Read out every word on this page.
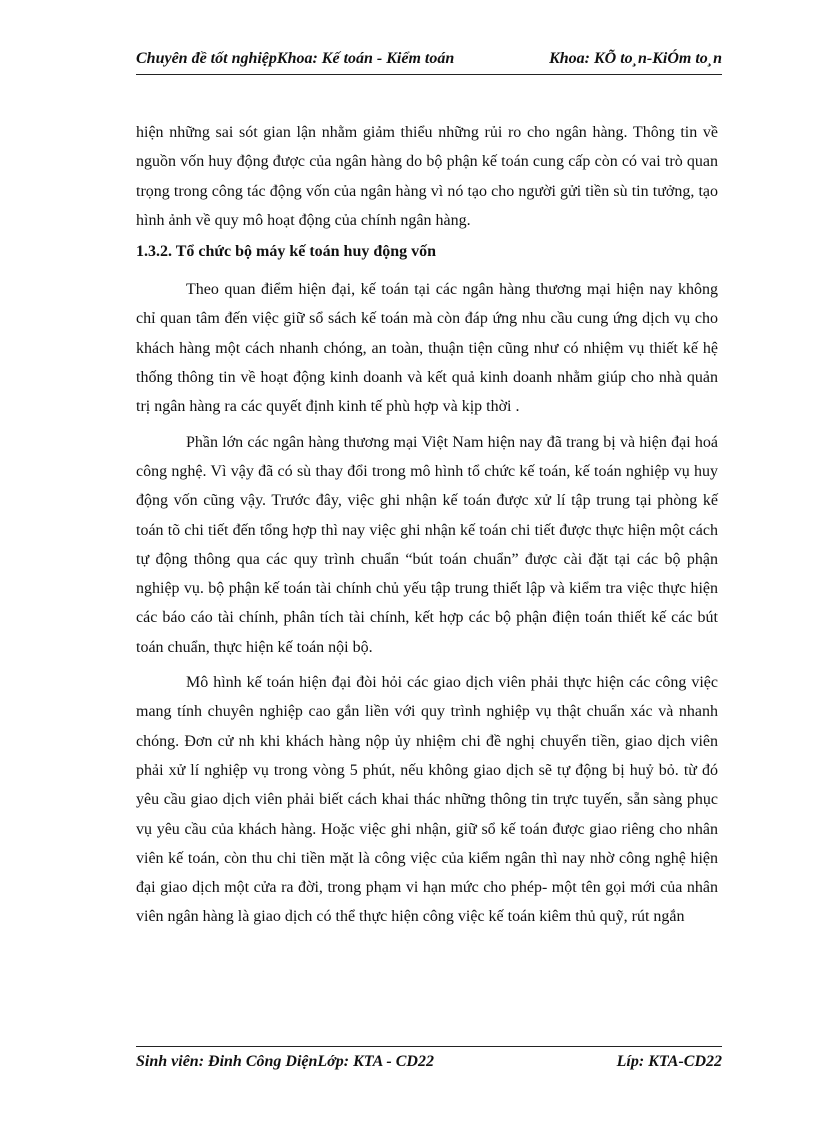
Chuyên đề tốt nghiệpKhoa: Kế toán - Kiểm toán	Khoa: KÕ to¸n-KiÓm to¸n

hiện những sai sót gian lận nhằm giảm thiểu những rủi ro cho ngân hàng. Thông tin về nguồn vốn huy động được của ngân hàng do bộ phận kế toán cung cấp còn có vai trò quan trọng trong công tác động vốn của ngân hàng vì nó tạo cho người gửi tiền sù tin tưởng, tạo hình ảnh về quy mô hoạt động của chính ngân hàng.

1.3.2. Tổ chức bộ máy kế toán huy động vốn

Theo quan điểm hiện đại, kế toán tại các ngân hàng thương mại hiện nay không chỉ quan tâm đến việc giữ sổ sách kế toán mà còn đáp ứng nhu cầu cung ứng dịch vụ cho khách hàng một cách nhanh chóng, an toàn, thuận tiện cũng như có nhiệm vụ thiết kế hệ thống thông tin về hoạt động kinh doanh và kết quả kinh doanh nhằm giúp cho nhà quản trị ngân hàng ra các quyết định kinh tế phù hợp và kịp thời .

Phần lớn các ngân hàng thương mại Việt Nam hiện nay đã trang bị và hiện đại hoá công nghệ. Vì vậy đã có sù thay đổi trong mô hình tổ chức kế toán, kế toán nghiệp vụ huy động vốn cũng vậy. Trước đây, việc ghi nhận kế toán được xử lí tập trung tại phòng kế toán tõ chi tiết đến tổng hợp thì nay việc ghi nhận kế toán chi tiết được thực hiện một cách tự động thông qua các quy trình chuẩn “bút toán chuẩn” được cài đặt tại các bộ phận nghiệp vụ. bộ phận kế toán tài chính chủ yếu tập trung thiết lập và kiểm tra việc thực hiện các báo cáo tài chính, phân tích tài chính, kết hợp các bộ phận điện toán thiết kế các bút toán chuẩn, thực hiện kế toán nội bộ.

Mô hình kế toán hiện đại đòi hỏi các giao dịch viên phải thực hiện các công việc mang tính chuyên nghiệp cao gắn liền với quy trình nghiệp vụ thật chuẩn xác và nhanh chóng. Đơn cử nh khi khách hàng nộp ủy nhiệm chi đề nghị chuyển tiền, giao dịch viên phải xử lí nghiệp vụ trong vòng 5 phút, nếu không giao dịch sẽ tự động bị huỷ bỏ. từ đó yêu cầu giao dịch viên phải biết cách khai thác những thông tin trực tuyến, sẵn sàng phục vụ yêu cầu của khách hàng. Hoặc việc ghi nhận, giữ sổ kế toán được giao riêng cho nhân viên kế toán, còn thu chi tiền mặt là công việc của kiểm ngân thì nay nhờ công nghệ hiện đại giao dịch một cửa ra đời, trong phạm vi hạn mức cho phép- một tên gọi mới của nhân viên ngân hàng là giao dịch có thể thực hiện công việc kế toán kiêm thủ quỹ, rút ngắn

Sinh viên: Đinh Công DiệnLớp: KTA - CD22	Líp: KTA-CD22
